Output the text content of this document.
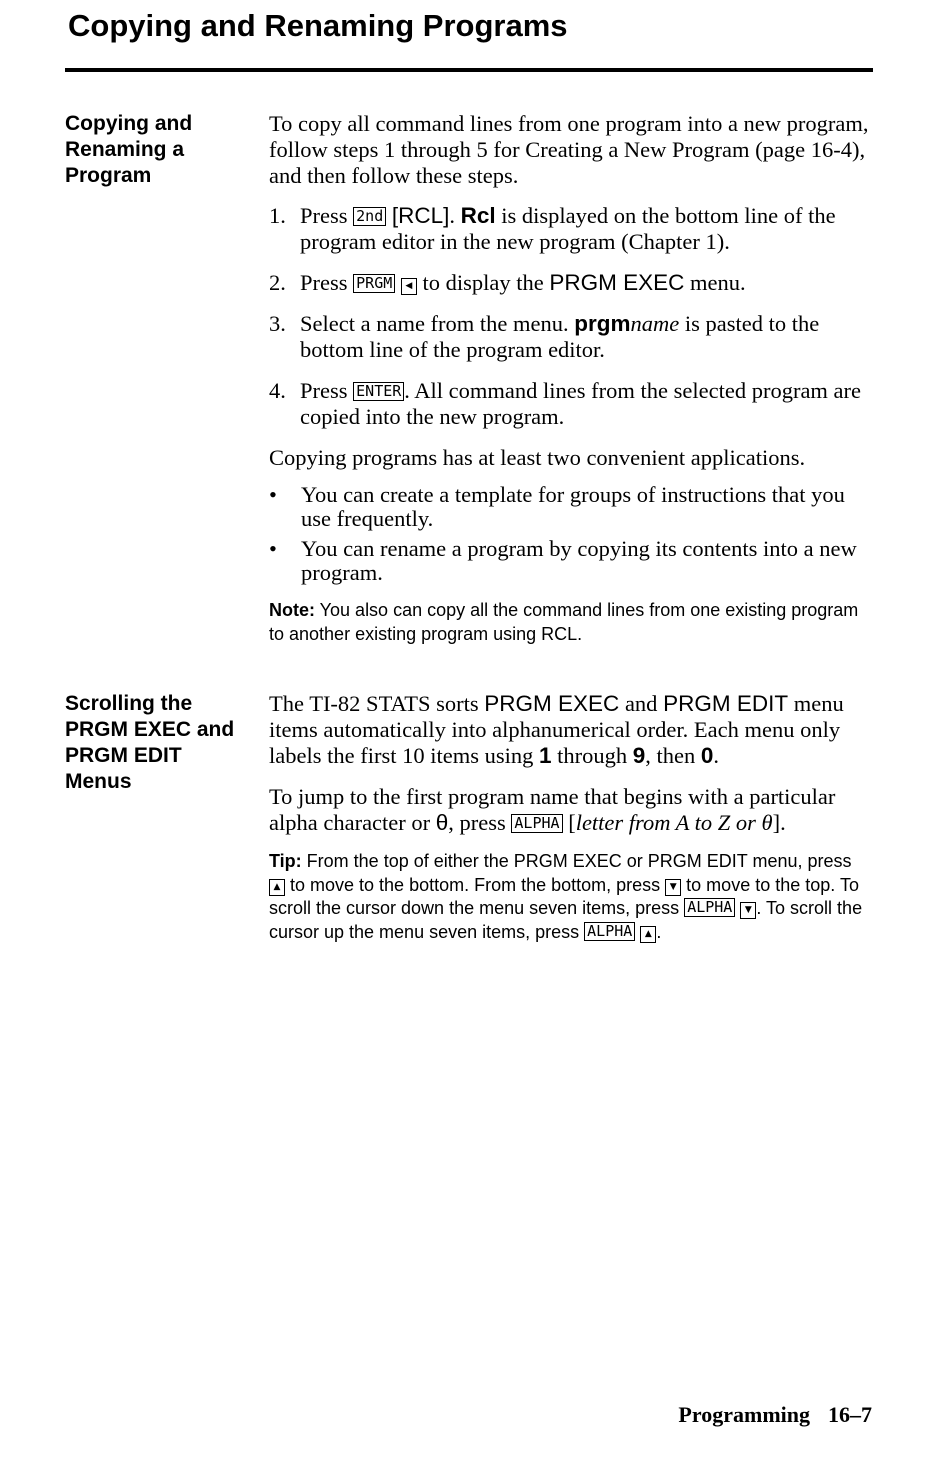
Copying and Renaming Programs
Copying and
Renaming a
Program

To copy all command lines from one program into a new program, follow steps 1 through 5 for Creating a New Program (page 16‑4), and then follow these steps.

1. Press 2nd [RCL]. Rcl is displayed on the bottom line of the program editor in the new program (Chapter 1).
2. Press PRGM ◀ to display the PRGM EXEC menu.
3. Select a name from the menu. prgmname is pasted to the bottom line of the program editor.
4. Press ENTER . All command lines from the selected program are copied into the new program.

Copying programs has at least two convenient applications.

• You can create a template for groups of instructions that you use frequently.
• You can rename a program by copying its contents into a new program.

Note: You also can copy all the command lines from one existing program to another existing program using RCL.

Scrolling the
PRGM EXEC and
PRGM EDIT
Menus

The TI-82 STATS sorts PRGM EXEC and PRGM EDIT menu items automatically into alphanumerical order. Each menu only labels the first 10 items using 1 through 9, then 0.

To jump to the first program name that begins with a particular alpha character or θ, press ALPHA [letter from A to Z or θ].

Tip: From the top of either the PRGM EXEC or PRGM EDIT menu, press ▲ to move to the bottom. From the bottom, press ▼ to move to the top. To scroll the cursor down the menu seven items, press ALPHA ▼ . To scroll the cursor up the menu seven items, press ALPHA ▲ .

Programming 16–7
